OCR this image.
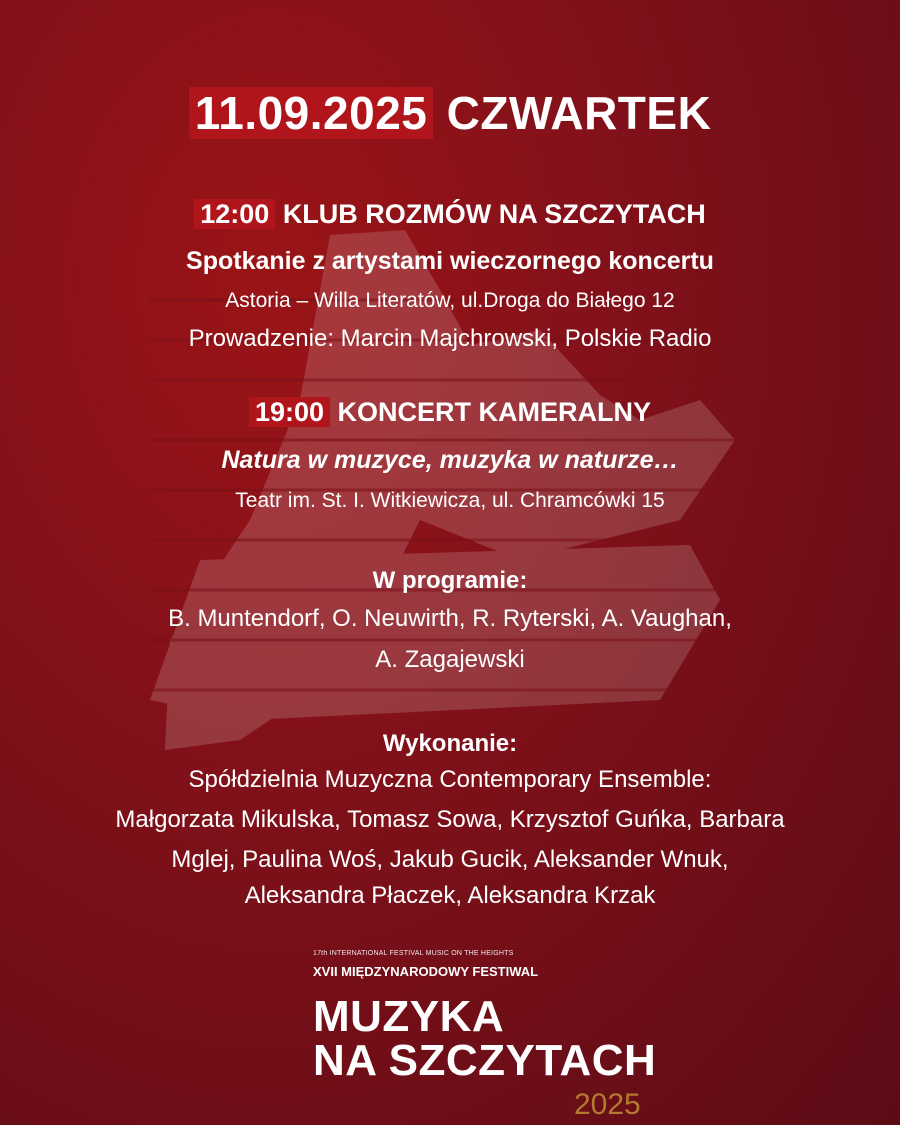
11.09.2025 CZWARTEK
12:00 KLUB ROZMÓW NA SZCZYTACH
Spotkanie z artystami wieczornego koncertu
Astoria – Willa Literatów, ul.Droga do Białego 12
Prowadzenie: Marcin Majchrowski, Polskie Radio
19:00 KONCERT KAMERALNY
Natura w muzyce, muzyka w naturze…
Teatr im. St. I. Witkiewicza, ul. Chramcówki 15
W programie:
B. Muntendorf, O. Neuwirth, R. Ryterski, A. Vaughan,
A. Zagajewski
Wykonanie:
Spółdzielnia Muzyczna Contemporary Ensemble:
Małgorzata Mikulska, Tomasz Sowa, Krzysztof Guńka, Barbara
Mglej, Paulina Woś, Jakub Gucik, Aleksander Wnuk,
Aleksandra Płaczek, Aleksandra Krzak
17th INTERNATIONAL FESTIVAL MUSIC ON THE HEIGHTS
XVII MIĘDZYNARODOWY FESTIWAL
MUZYKA
NA SZCZYTACH
2025
